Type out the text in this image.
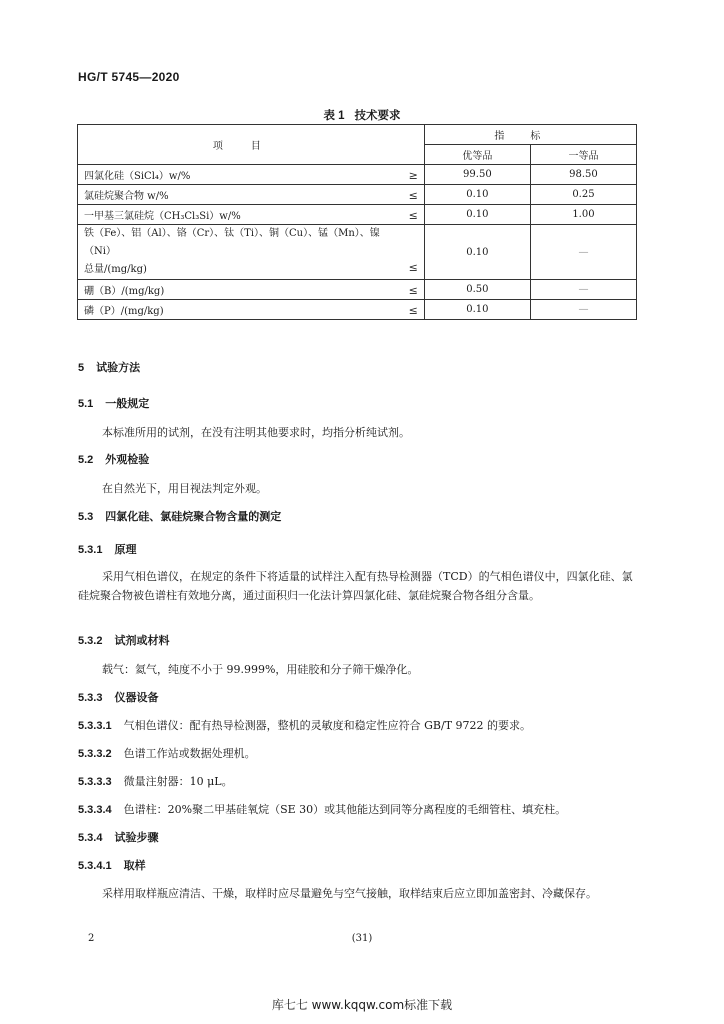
HG/T 5745—2020
表 1 技术要求
项目	指标	
	优等品	一等品
四氯化硅（SiCl₄）w/% ≥	99.50	98.50
氯硅烷聚合物 w/% ≤	0.10	0.25
一甲基三氯硅烷（CH₃Cl₃Si）w/% ≤	0.10	1.00
铁（Fe）、铝（Al）、铬（Cr）、钛（Ti）、铜（Cu）、锰（Mn）、镍（Ni）
总量/(mg/kg) ≤	0.10	—
硼（B）/(mg/kg) ≤	0.50	—
磷（P）/(mg/kg) ≤	0.10	—
5 试验方法
5.1 一般规定
本标准所用的试剂，在没有注明其他要求时，均指分析纯试剂。
5.2 外观检验
在自然光下，用目视法判定外观。
5.3 四氯化硅、氯硅烷聚合物含量的测定
5.3.1 原理
采用气相色谱仪，在规定的条件下将适量的试样注入配有热导检测器（TCD）的气相色谱仪中，四氯化硅、氯硅烷聚合物被色谱柱有效地分离，通过面积归一化法计算四氯化硅、氯硅烷聚合物各组分含量。
5.3.2 试剂或材料
载气：氦气，纯度不小于 99.999%，用硅胶和分子筛干燥净化。
5.3.3 仪器设备
5.3.3.1 气相色谱仪：配有热导检测器，整机的灵敏度和稳定性应符合 GB/T 9722 的要求。
5.3.3.2 色谱工作站或数据处理机。
5.3.3.3 微量注射器：10 μL。
5.3.3.4 色谱柱：20%聚二甲基硅氧烷（SE 30）或其他能达到同等分离程度的毛细管柱、填充柱。
5.3.4 试验步骤
5.3.4.1 取样
采样用取样瓶应清洁、干燥，取样时应尽量避免与空气接触，取样结束后应立即加盖密封、冷藏保存。
2	(31)
库七七 www.kqqw.com标准下载
